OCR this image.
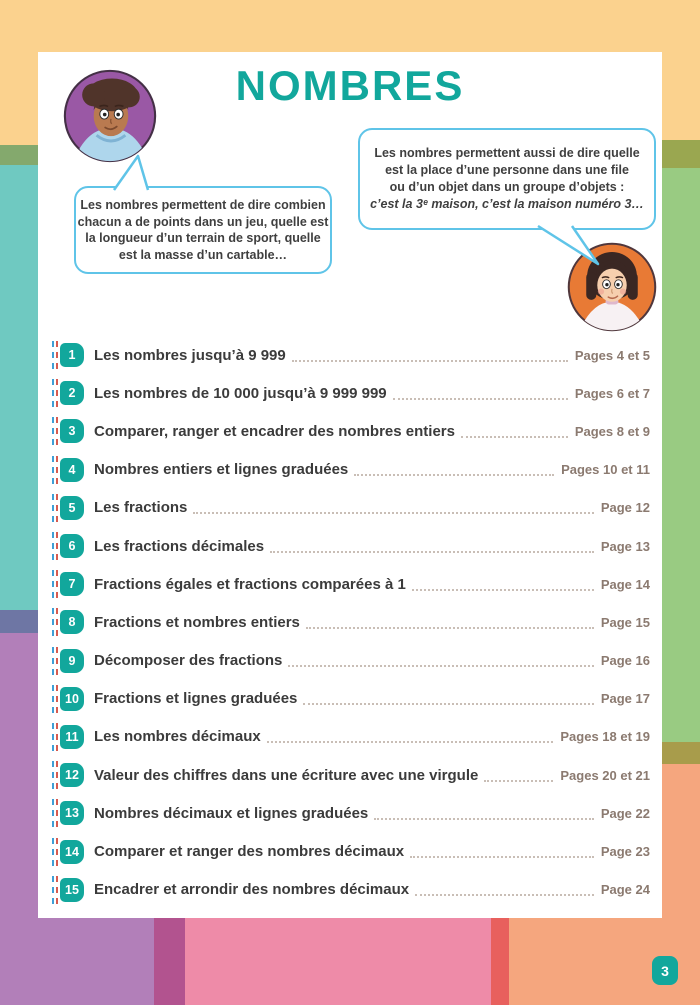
NOMBRES
Les nombres permettent de dire combien
chacun a de points dans un jeu, quelle est
la longueur d’un terrain de sport, quelle
est la masse d’un cartable…
Les nombres permettent aussi de dire quelle
est la place d’une personne dans une file
ou d’un objet dans un groupe d’objets :
c’est la 3ᵉ maison, c’est la maison numéro 3…
1	Les nombres jusqu’à 9 999	Pages 4 et 5
2	Les nombres de 10 000 jusqu’à 9 999 999	Pages 6 et 7
3	Comparer, ranger et encadrer des nombres entiers	Pages 8 et 9
4	Nombres entiers et lignes graduées	Pages 10 et 11
5	Les fractions	Page 12
6	Les fractions décimales	Page 13
7	Fractions égales et fractions comparées à 1	Page 14
8	Fractions et nombres entiers	Page 15
9	Décomposer des fractions	Page 16
10	Fractions et lignes graduées	Page 17
11	Les nombres décimaux	Pages 18 et 19
12	Valeur des chiffres dans une écriture avec une virgule	Pages 20 et 21
13	Nombres décimaux et lignes graduées	Page 22
14	Comparer et ranger des nombres décimaux	Page 23
15	Encadrer et arrondir des nombres décimaux	Page 24
3
